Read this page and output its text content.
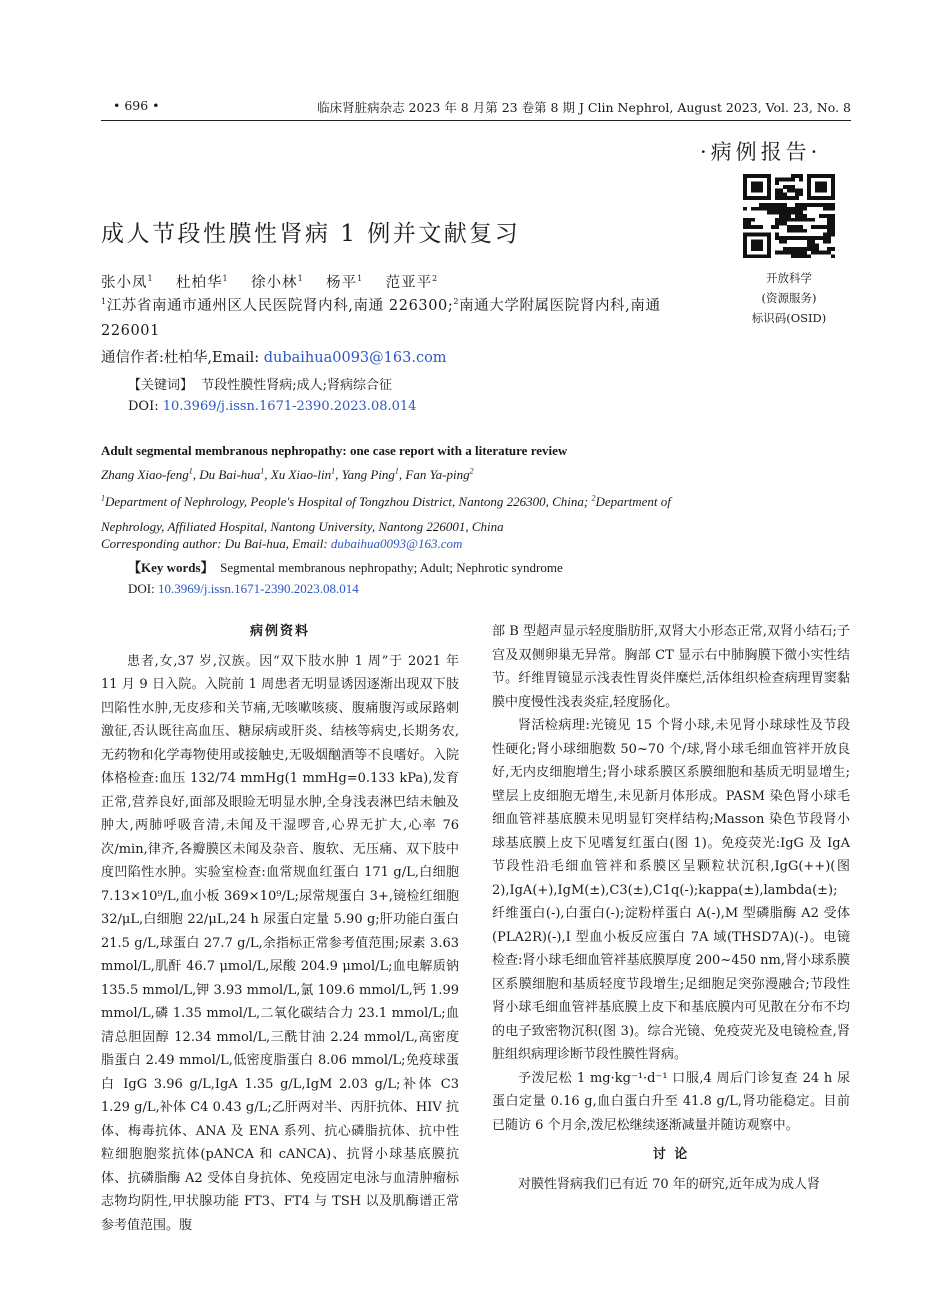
• 696 •	临床肾脏病杂志 2023 年 8 月第 23 卷第 8 期 J Clin Nephrol, August 2023, Vol. 23, No. 8
·病例报告·
开放科学
(资源服务)
标识码(OSID)
成人节段性膜性肾病 1 例并文献复习
张小凤$^1$ 杜柏华$^1$ 徐小林$^1$ 杨平$^1$ 范亚平$^2$
$^1$江苏省南通市通州区人民医院肾内科,南通 226300;$^2$南通大学附属医院肾内科,南通 226001
通信作者:杜柏华,Email: dubaihua0093@163.com
【关键词】 节段性膜性肾病;成人;肾病综合征
DOI: 10.3969/j.issn.1671-2390.2023.08.014
Adult segmental membranous nephropathy: one case report with a literature review
Zhang Xiao-feng$^1$, Du Bai-hua$^1$, Xu Xiao-lin$^1$, Yang Ping$^1$, Fan Ya-ping$^2$
$^1$Department of Nephrology, People's Hospital of Tongzhou District, Nantong 226300, China; $^2$Department of Nephrology, Affiliated Hospital, Nantong University, Nantong 226001, China
Corresponding author: Du Bai-hua, Email: dubaihua0093@163.com
【Key words】 Segmental membranous nephropathy; Adult; Nephrotic syndrome
DOI: 10.3969/j.issn.1671-2390.2023.08.014

病例资料

患者,女,37 岁,汉族。因“双下肢水肿 1 周”于 2021 年 11 月 9 日入院。入院前 1 周患者无明显诱因逐渐出现双下肢凹陷性水肿,无皮疹和关节痛,无咳嗽咳痰、腹痛腹泻或尿路刺激征,否认既往高血压、糖尿病或肝炎、结核等病史,长期务农,无药物和化学毒物使用或接触史,无吸烟酗酒等不良嗜好。入院体格检查:血压 132/74 mmHg(1 mmHg=0.133 kPa),发育正常,营养良好,面部及眼睑无明显水肿,全身浅表淋巴结未触及肿大,两肺呼吸音清,未闻及干湿啰音,心界无扩大,心率 76 次/min,律齐,各瓣膜区未闻及杂音、腹软、无压痛、双下肢中度凹陷性水肿。实验室检查:血常规血红蛋白 171 g/L,白细胞 7.13×10⁹/L,血小板 369×10⁹/L;尿常规蛋白 3+,镜检红细胞 32/μL,白细胞 22/μL,24 h 尿蛋白定量 5.90 g;肝功能白蛋白 21.5 g/L,球蛋白 27.7 g/L,余指标正常参考值范围;尿素 3.63 mmol/L,肌酐 46.7 μmol/L,尿酸 204.9 μmol/L;血电解质钠 135.5 mmol/L,钾 3.93 mmol/L,氯 109.6 mmol/L,钙 1.99 mmol/L,磷 1.35 mmol/L,二氧化碳结合力 23.1 mmol/L;血清总胆固醇 12.34 mmol/L,三酰甘油 2.24 mmol/L,高密度脂蛋白 2.49 mmol/L,低密度脂蛋白 8.06 mmol/L;免疫球蛋白 IgG 3.96 g/L,IgA 1.35 g/L,IgM 2.03 g/L;补体 C3 1.29 g/L,补体 C4 0.43 g/L;乙肝两对半、丙肝抗体、HIV 抗体、梅毒抗体、ANA 及 ENA 系列、抗心磷脂抗体、抗中性粒细胞胞浆抗体(pANCA 和 cANCA)、抗肾小球基底膜抗体、抗磷脂酶 A2 受体自身抗体、免疫固定电泳与血清肿瘤标志物均阴性,甲状腺功能 FT3、FT4 与 TSH 以及肌酶谱正常参考值范围。腹

部 B 型超声显示轻度脂肪肝,双肾大小形态正常,双肾小结石;子宫及双侧卵巢无异常。胸部 CT 显示右中肺胸膜下微小实性结节。纤维胃镜显示浅表性胃炎伴糜烂,活体组织检查病理胃窦黏膜中度慢性浅表炎症,轻度肠化。

肾活检病理:光镜见 15 个肾小球,未见肾小球球性及节段性硬化;肾小球细胞数 50~70 个/球,肾小球毛细血管袢开放良好,无内皮细胞增生;肾小球系膜区系膜细胞和基质无明显增生;壁层上皮细胞无增生,未见新月体形成。PASM 染色肾小球毛细血管袢基底膜未见明显钉突样结构;Masson 染色节段肾小球基底膜上皮下见嗜复红蛋白(图 1)。免疫荧光:IgG 及 IgA 节段性沿毛细血管袢和系膜区呈颗粒状沉积,IgG(++)(图 2),IgA(+),IgM(±),C3(±),C1q(-);kappa(±),lambda(±);纤维蛋白(-),白蛋白(-);淀粉样蛋白 A(-),M 型磷脂酶 A2 受体(PLA2R)(-),I 型血小板反应蛋白 7A 域(THSD7A)(-)。电镜检查:肾小球毛细血管袢基底膜厚度 200~450 nm,肾小球系膜区系膜细胞和基质轻度节段增生;足细胞足突弥漫融合;节段性肾小球毛细血管袢基底膜上皮下和基底膜内可见散在分布不均的电子致密物沉积(图 3)。综合光镜、免疫荧光及电镜检查,肾脏组织病理诊断节段性膜性肾病。

予泼尼松 1 mg·kg⁻¹·d⁻¹ 口服,4 周后门诊复查 24 h 尿蛋白定量 0.16 g,血白蛋白升至 41.8 g/L,肾功能稳定。目前已随访 6 个月余,泼尼松继续逐渐减量并随访观察中。

讨 论

对膜性肾病我们已有近 70 年的研究,近年成为成人肾
